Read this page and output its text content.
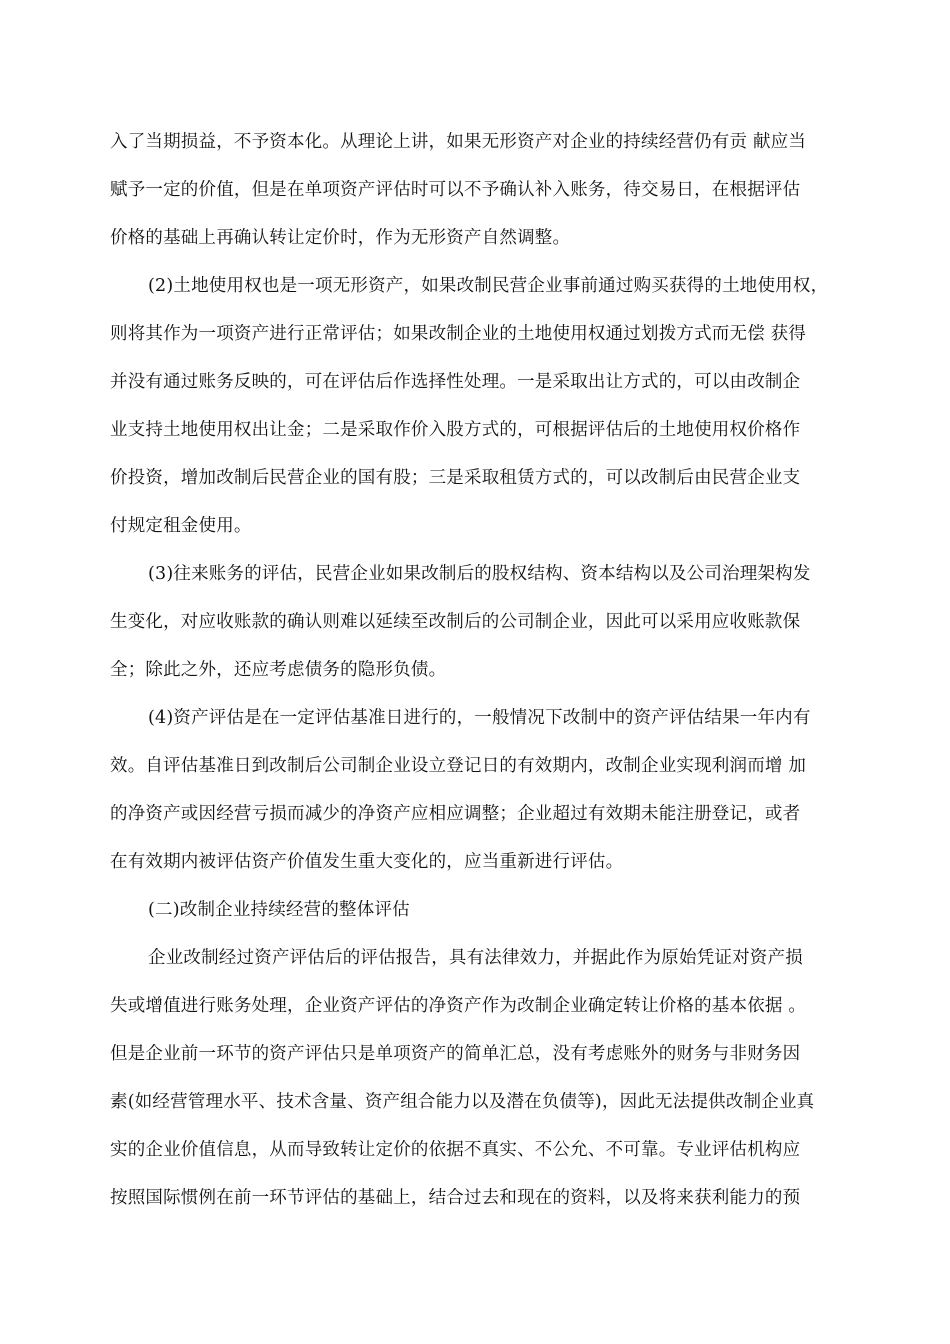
入了当期损益，不予资本化。从理论上讲，如果无形资产对企业的持续经营仍有贡 献应当
赋予一定的价值，但是在单项资产评估时可以不予确认补入账务，待交易日，在根据评估
价格的基础上再确认转让定价时，作为无形资产自然调整。
(2)土地使用权也是一项无形资产，如果改制民营企业事前通过购买获得的土地使用权，
则将其作为一项资产进行正常评估；如果改制企业的土地使用权通过划拨方式而无偿 获得
并没有通过账务反映的，可在评估后作选择性处理。一是采取出让方式的，可以由改制企
业支持土地使用权出让金；二是采取作价入股方式的，可根据评估后的土地使用权价格作
价投资，增加改制后民营企业的国有股；三是采取租赁方式的，可以改制后由民营企业支
付规定租金使用。
(3)往来账务的评估，民营企业如果改制后的股权结构、资本结构以及公司治理架构发
生变化，对应收账款的确认则难以延续至改制后的公司制企业，因此可以采用应收账款保
全；除此之外，还应考虑债务的隐形负债。
(4)资产评估是在一定评估基准日进行的，一般情况下改制中的资产评估结果一年内有
效。自评估基准日到改制后公司制企业设立登记日的有效期内，改制企业实现利润而增 加
的净资产或因经营亏损而减少的净资产应相应调整；企业超过有效期未能注册登记，或者
在有效期内被评估资产价值发生重大变化的，应当重新进行评估。
(二)改制企业持续经营的整体评估
企业改制经过资产评估后的评估报告，具有法律效力，并据此作为原始凭证对资产损
失或增值进行账务处理，企业资产评估的净资产作为改制企业确定转让价格的基本依据 。
但是企业前一环节的资产评估只是单项资产的简单汇总，没有考虑账外的财务与非财务因
素(如经营管理水平、技术含量、资产组合能力以及潜在负债等)，因此无法提供改制企业真
实的企业价值信息，从而导致转让定价的依据不真实、不公允、不可靠。专业评估机构应
按照国际惯例在前一环节评估的基础上，结合过去和现在的资料，以及将来获利能力的预
